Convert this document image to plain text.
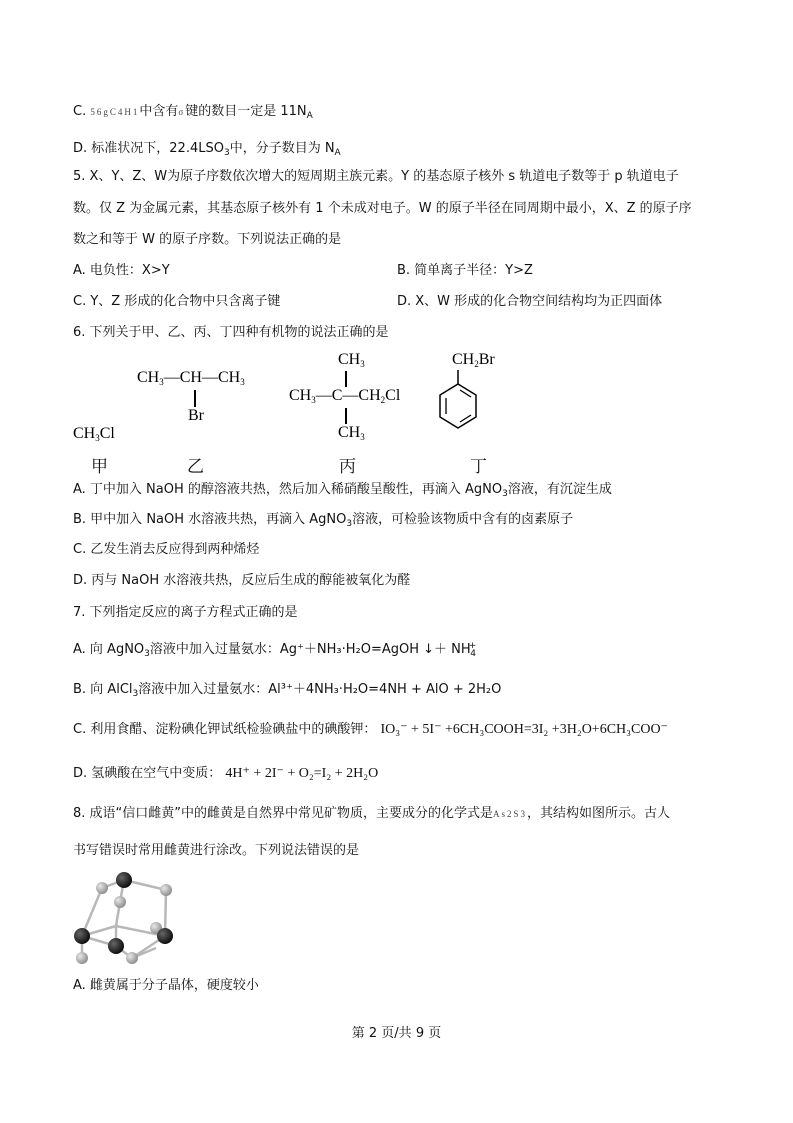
C. 56gC4H1中含有σ键的数目一定是 $11N_A$
D. 标准状况下，$22.4LSO_3$中，分子数目为 $N_A$
5. X、Y、Z、W为原子序数依次增大的短周期主族元素。Y 的基态原子核外 s 轨道电子数等于 p 轨道电子
数。仅 Z 为金属元素，其基态原子核外有 1 个未成对电子。W 的原子半径在同周期中最小，X、Z 的原子序
数之和等于 W 的原子序数。下列说法正确的是
A. 电负性：X>Y	B. 简单离子半径：Y>Z
C. Y、Z 形成的化合物中只含离子键	D. X、W 形成的化合物空间结构均为正四面体
6. 下列关于甲、乙、丙、丁四种有机物的说法正确的是
$CH_3Cl$
$CH_3—CH—CH_3$
Br
$CH_3$
$CH_3—C—CH_2Cl$
$CH_3$
$CH_2Br$
甲	乙	丙	丁
A. 丁中加入 NaOH 的醇溶液共热，然后加入稀硝酸呈酸性，再滴入 AgNO$_3$溶液，有沉淀生成
B. 甲中加入 NaOH 水溶液共热，再滴入 AgNO$_3$溶液，可检验该物质中含有的卤素原子
C. 乙发生消去反应得到两种烯烃
D. 丙与 NaOH 水溶液共热，反应后生成的醇能被氧化为醛
7. 下列指定反应的离子方程式正确的是
A. 向 AgNO$_3$溶液中加入过量氨水：Ag⁺＋NH₃·H₂O=AgOH ↓＋ $NH^+_4$
B. 向 AlCl$_3$溶液中加入过量氨水：Al³⁺＋4NH₃·H₂O=4NH + AlO + 2H₂O
C. 利用食醋、淀粉碘化钾试纸检验碘盐中的碘酸钾： IO₃⁻ + 5I⁻ +6CH₃COOH=3I₂ +3H₂O+6CH₃COO⁻
D. 氢碘酸在空气中变质： 4H⁺ + 2I⁻ + O₂=I₂ + 2H₂O
8. 成语“信口雌黄”中的雌黄是自然界中常见矿物质，主要成分的化学式是As2S3，其结构如图所示。古人
书写错误时常用雌黄进行涂改。下列说法错误的是
A. 雌黄属于分子晶体，硬度较小
第 2 页/共 9 页
